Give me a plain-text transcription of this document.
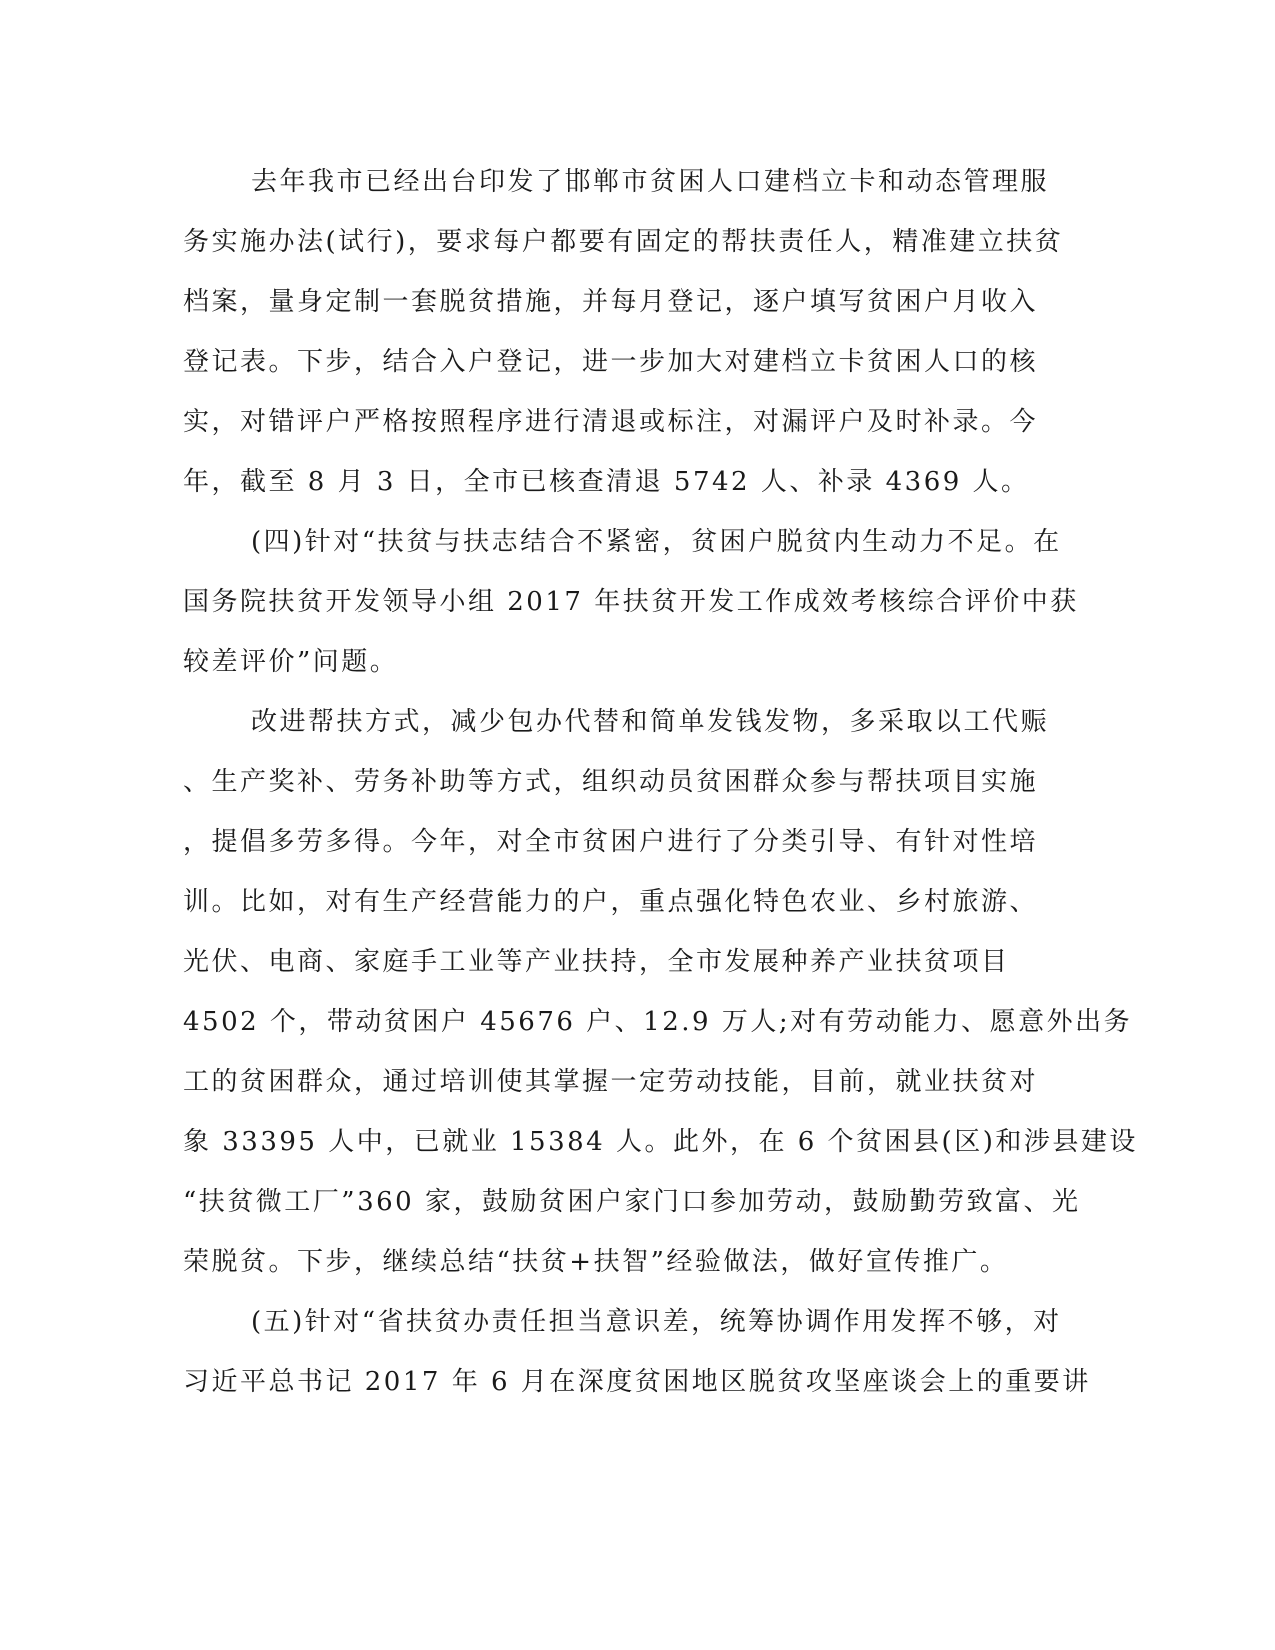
去年我市已经出台印发了邯郸市贫困人口建档立卡和动态管理服
务实施办法(试行)，要求每户都要有固定的帮扶责任人，精准建立扶贫
档案，量身定制一套脱贫措施，并每月登记，逐户填写贫困户月收入
登记表。下步，结合入户登记，进一步加大对建档立卡贫困人口的核
实，对错评户严格按照程序进行清退或标注，对漏评户及时补录。今
年，截至 8 月 3 日，全市已核查清退 5742 人、补录 4369 人。
(四)针对“扶贫与扶志结合不紧密，贫困户脱贫内生动力不足。在
国务院扶贫开发领导小组 2017 年扶贫开发工作成效考核综合评价中获
较差评价”问题。
改进帮扶方式，减少包办代替和简单发钱发物，多采取以工代赈
、生产奖补、劳务补助等方式，组织动员贫困群众参与帮扶项目实施
，提倡多劳多得。今年，对全市贫困户进行了分类引导、有针对性培
训。比如，对有生产经营能力的户，重点强化特色农业、乡村旅游、
光伏、电商、家庭手工业等产业扶持，全市发展种养产业扶贫项目
4502 个，带动贫困户 45676 户、12.9 万人;对有劳动能力、愿意外出务
工的贫困群众，通过培训使其掌握一定劳动技能，目前，就业扶贫对
象 33395 人中，已就业 15384 人。此外，在 6 个贫困县(区)和涉县建设
“扶贫微工厂”360 家，鼓励贫困户家门口参加劳动，鼓励勤劳致富、光
荣脱贫。下步，继续总结“扶贫+扶智”经验做法，做好宣传推广。
(五)针对“省扶贫办责任担当意识差，统筹协调作用发挥不够，对
习近平总书记 2017 年 6 月在深度贫困地区脱贫攻坚座谈会上的重要讲
